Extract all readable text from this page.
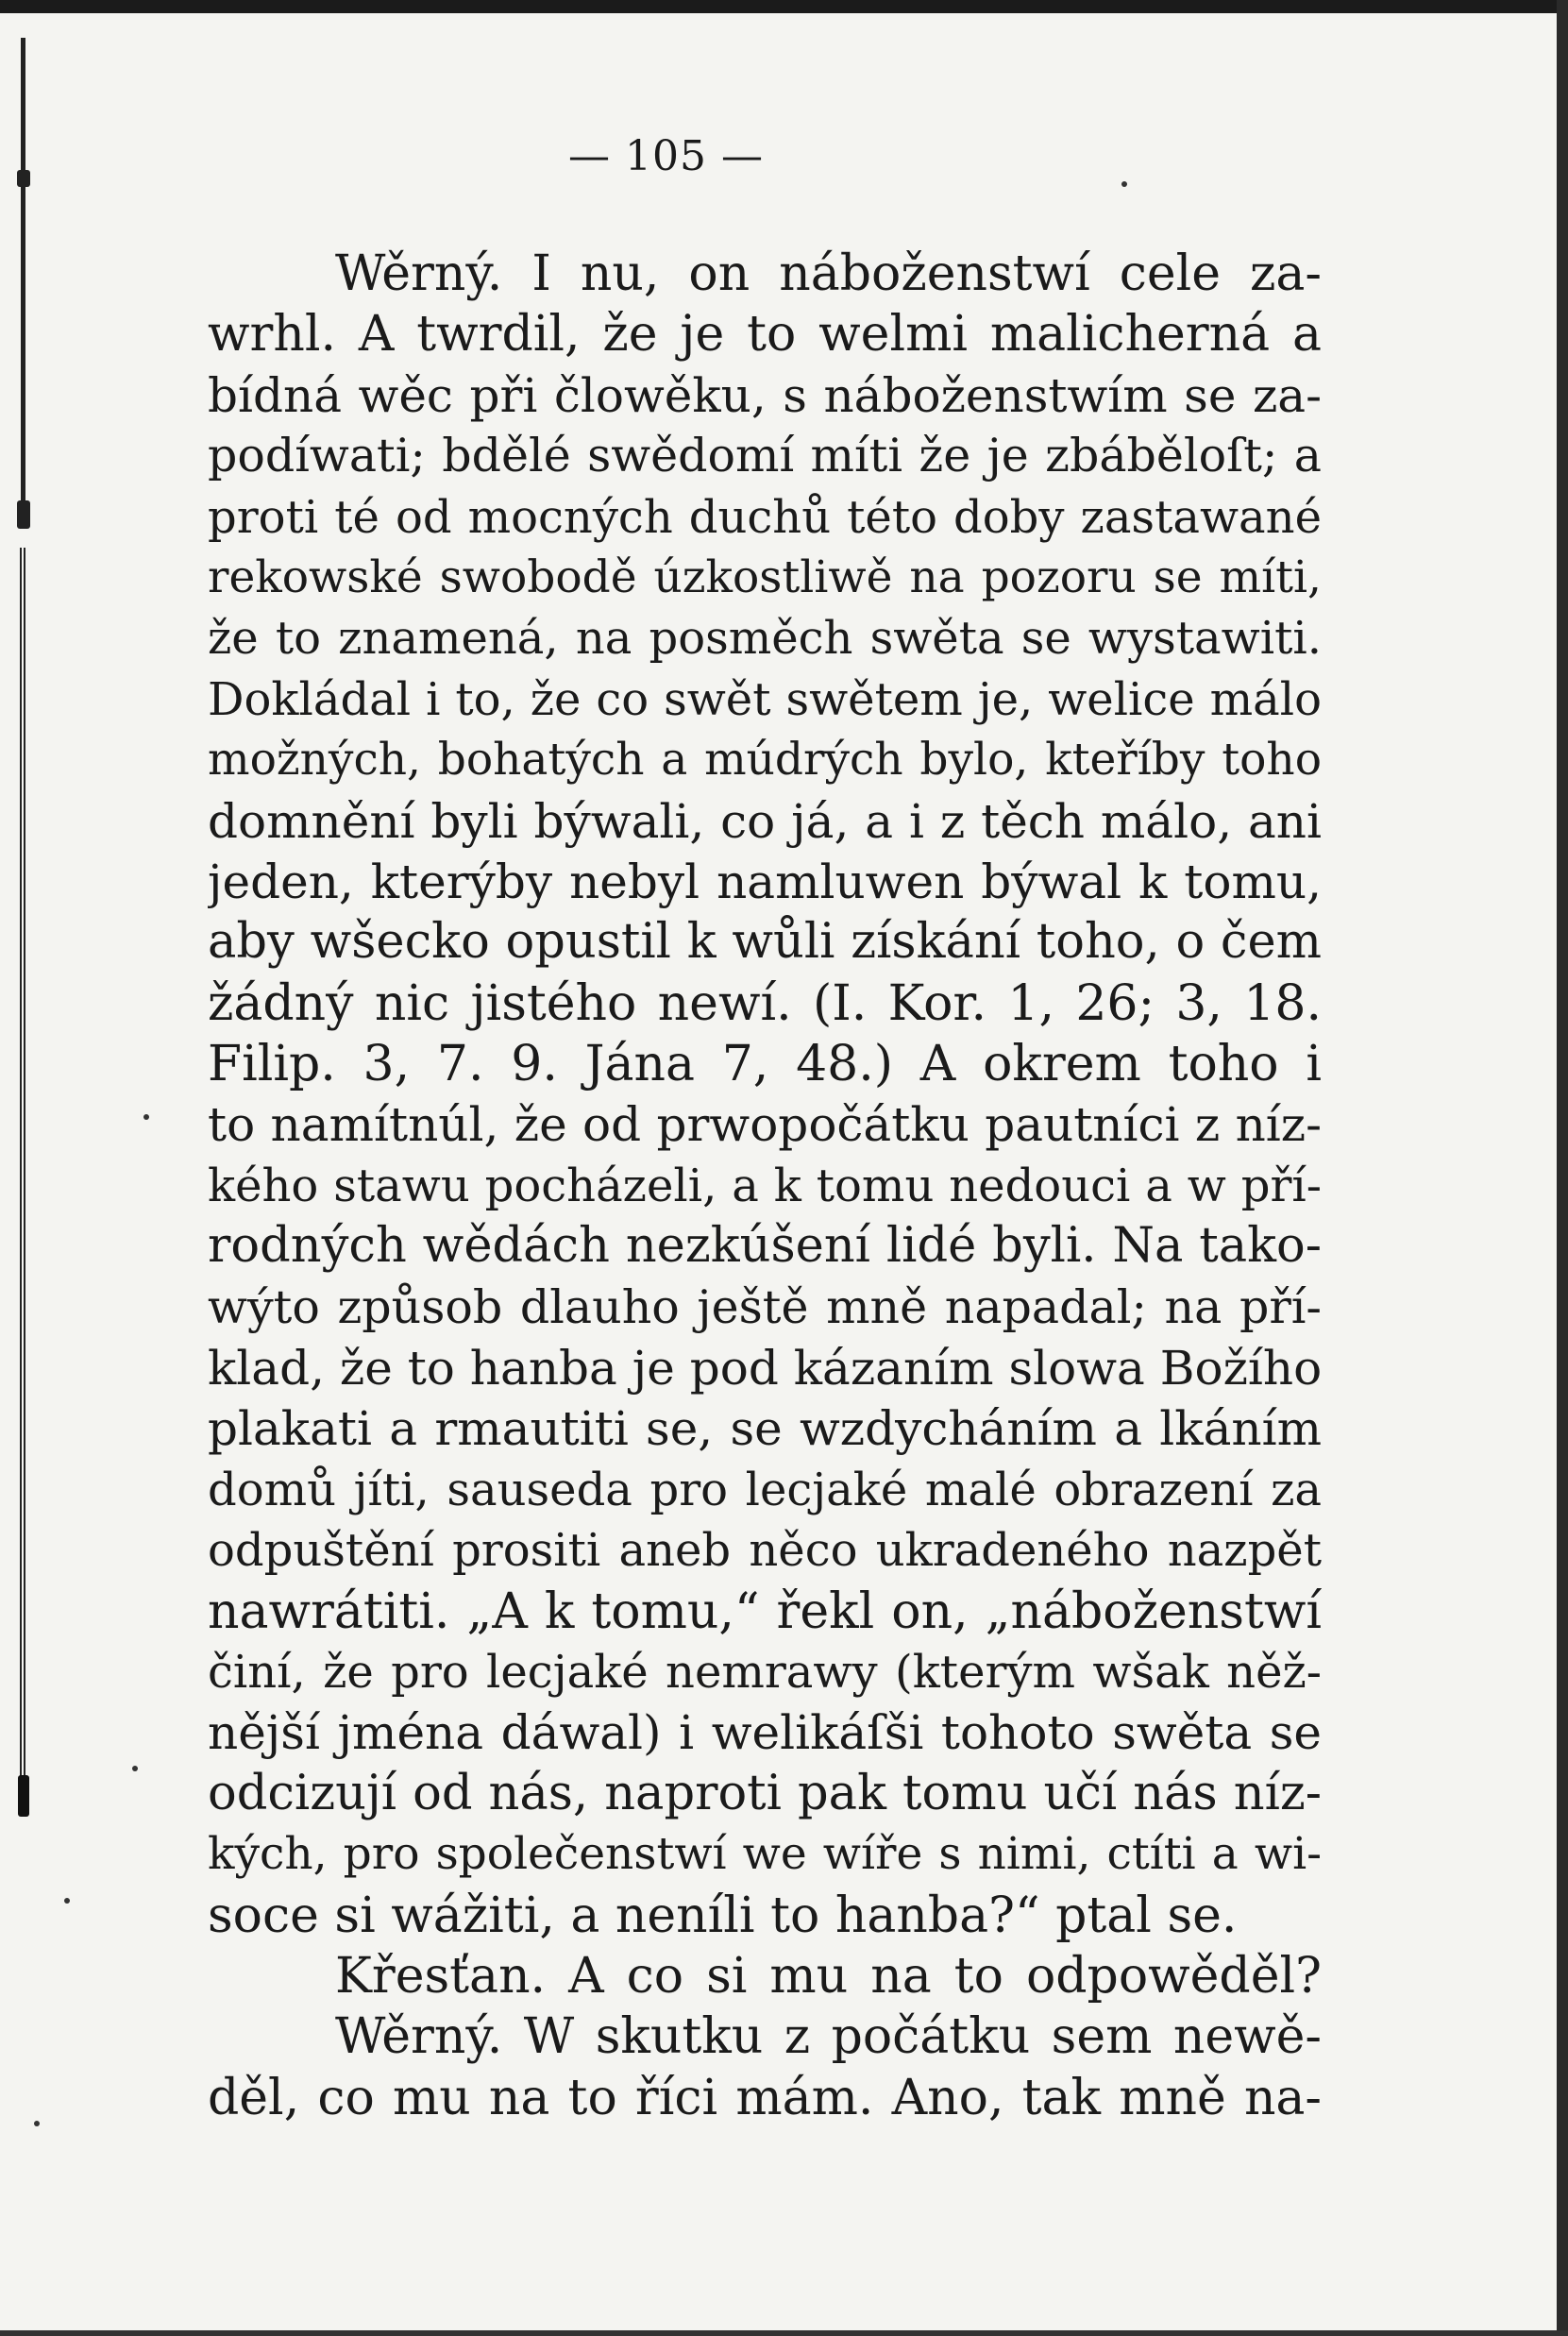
— 105 —
Wěrný. I nu, on náboženstwí cele za-
wrhl. A twrdil, že je to welmi malicherná a
bídná wěc při člowěku, s náboženstwím se za-
podíwati; bdělé swědomí míti že je zbáběloſt; a
proti té od mocných duchů této doby zastawané
rekowské swobodě úzkostliwě na pozoru se míti,
že to znamená, na posměch swěta se wystawiti.
Dokládal i to, že co swět swětem je, welice málo
možných, bohatých a múdrých bylo, kteříby toho
domnění byli býwali, co já, a i z těch málo, ani
jeden, kterýby nebyl namluwen býwal k tomu,
aby wšecko opustil k wůli získání toho, o čem
žádný nic jistého newí. (I. Kor. 1, 26; 3, 18.
Filip. 3, 7. 9. Jána 7, 48.) A okrem toho i
to namítnúl, že od prwopočátku pautníci z níz-
kého stawu pocházeli, a k tomu nedouci a w pří-
rodných wědách nezkúšení lidé byli. Na tako-
wýto způsob dlauho ještě mně napadal; na pří-
klad, že to hanba je pod kázaním slowa Božího
plakati a rmautiti se, se wzdycháním a lkáním
domů jíti, sauseda pro lecjaké malé obrazení za
odpuštění prositi aneb něco ukradeného nazpět
nawrátiti. „A k tomu,“ řekl on, „náboženstwí
činí, že pro lecjaké nemrawy (kterým wšak něž-
nější jména dáwal) i welikáſši tohoto swěta se
odcizují od nás, naproti pak tomu učí nás níz-
kých, pro společenstwí we wíře s nimi, ctíti a wi-
soce si wážiti, a neníli to hanba?“ ptal se.
Křesťan. A co si mu na to odpowěděl?
Wěrný. W skutku z počátku sem newě-
děl, co mu na to říci mám. Ano, tak mně na-
